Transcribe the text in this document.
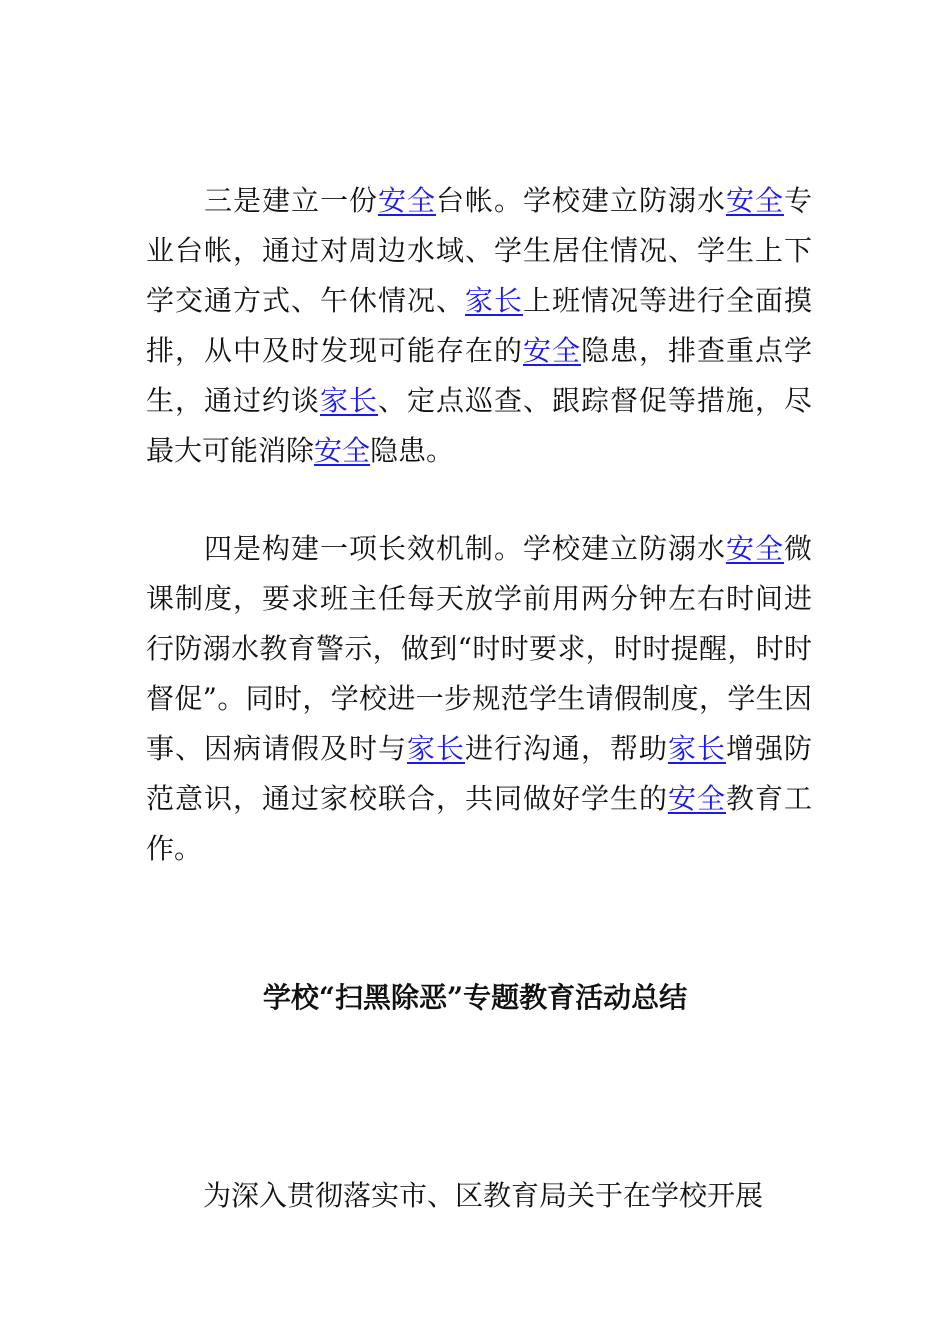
三是建立一份安全台帐。学校建立防溺水安全专业台帐，通过对周边水域、学生居住情况、学生上下学交通方式、午休情况、家长上班情况等进行全面摸排，从中及时发现可能存在的安全隐患，排查重点学生，通过约谈家长、定点巡查、跟踪督促等措施，尽最大可能消除安全隐患。

四是构建一项长效机制。学校建立防溺水安全微课制度，要求班主任每天放学前用两分钟左右时间进行防溺水教育警示，做到“时时要求，时时提醒，时时督促”。同时，学校进一步规范学生请假制度，学生因事、因病请假及时与家长进行沟通，帮助家长增强防范意识，通过家校联合，共同做好学生的安全教育工作。

学校“扫黑除恶”专题教育活动总结

为深入贯彻落实市、区教育局关于在学校开展
